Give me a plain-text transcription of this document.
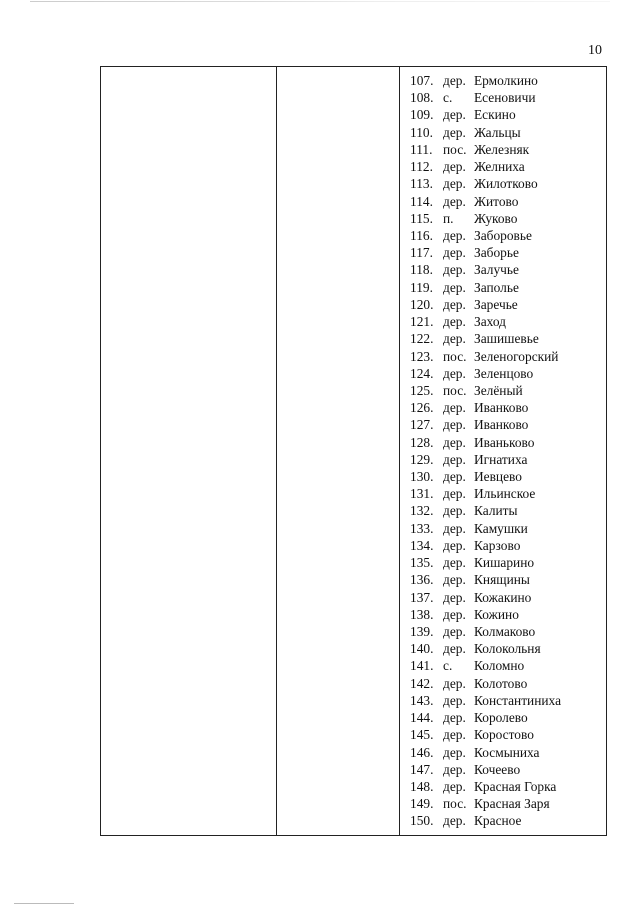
10
107. дер. Ермолкино
108. с.	Есеновичи
109. дер. Ескино
110. дер. Жальцы
111. пос. Железняк
112. дер. Желниха
113. дер. Жилотково
114. дер. Житово
115. п.	Жуково
116. дер. Заборовье
117. дер. Заборье
118. дер. Залучье
119. дер. Заполье
120. дер. Заречье
121. дер. Заход
122. дер. Зашишевье
123. пос. Зеленогорский
124. дер. Зеленцово
125. пос. Зелёный
126. дер. Иванково
127. дер. Иванково
128. дер. Иваньково
129. дер. Игнатиха
130. дер. Иевцево
131. дер. Ильинское
132. дер. Калиты
133. дер. Камушки
134. дер. Карзово
135. дер. Кишарино
136. дер. Княщины
137. дер. Кожакино
138. дер. Кожино
139. дер. Колмаково
140. дер. Колокольня
141. с.	Коломно
142. дер. Колотово
143. дер. Константиниха
144. дер. Королево
145. дер. Коростово
146. дер. Космыниха
147. дер. Кочеево
148. дер. Красная Горка
149. пос. Красная Заря
150. дер. Красное
